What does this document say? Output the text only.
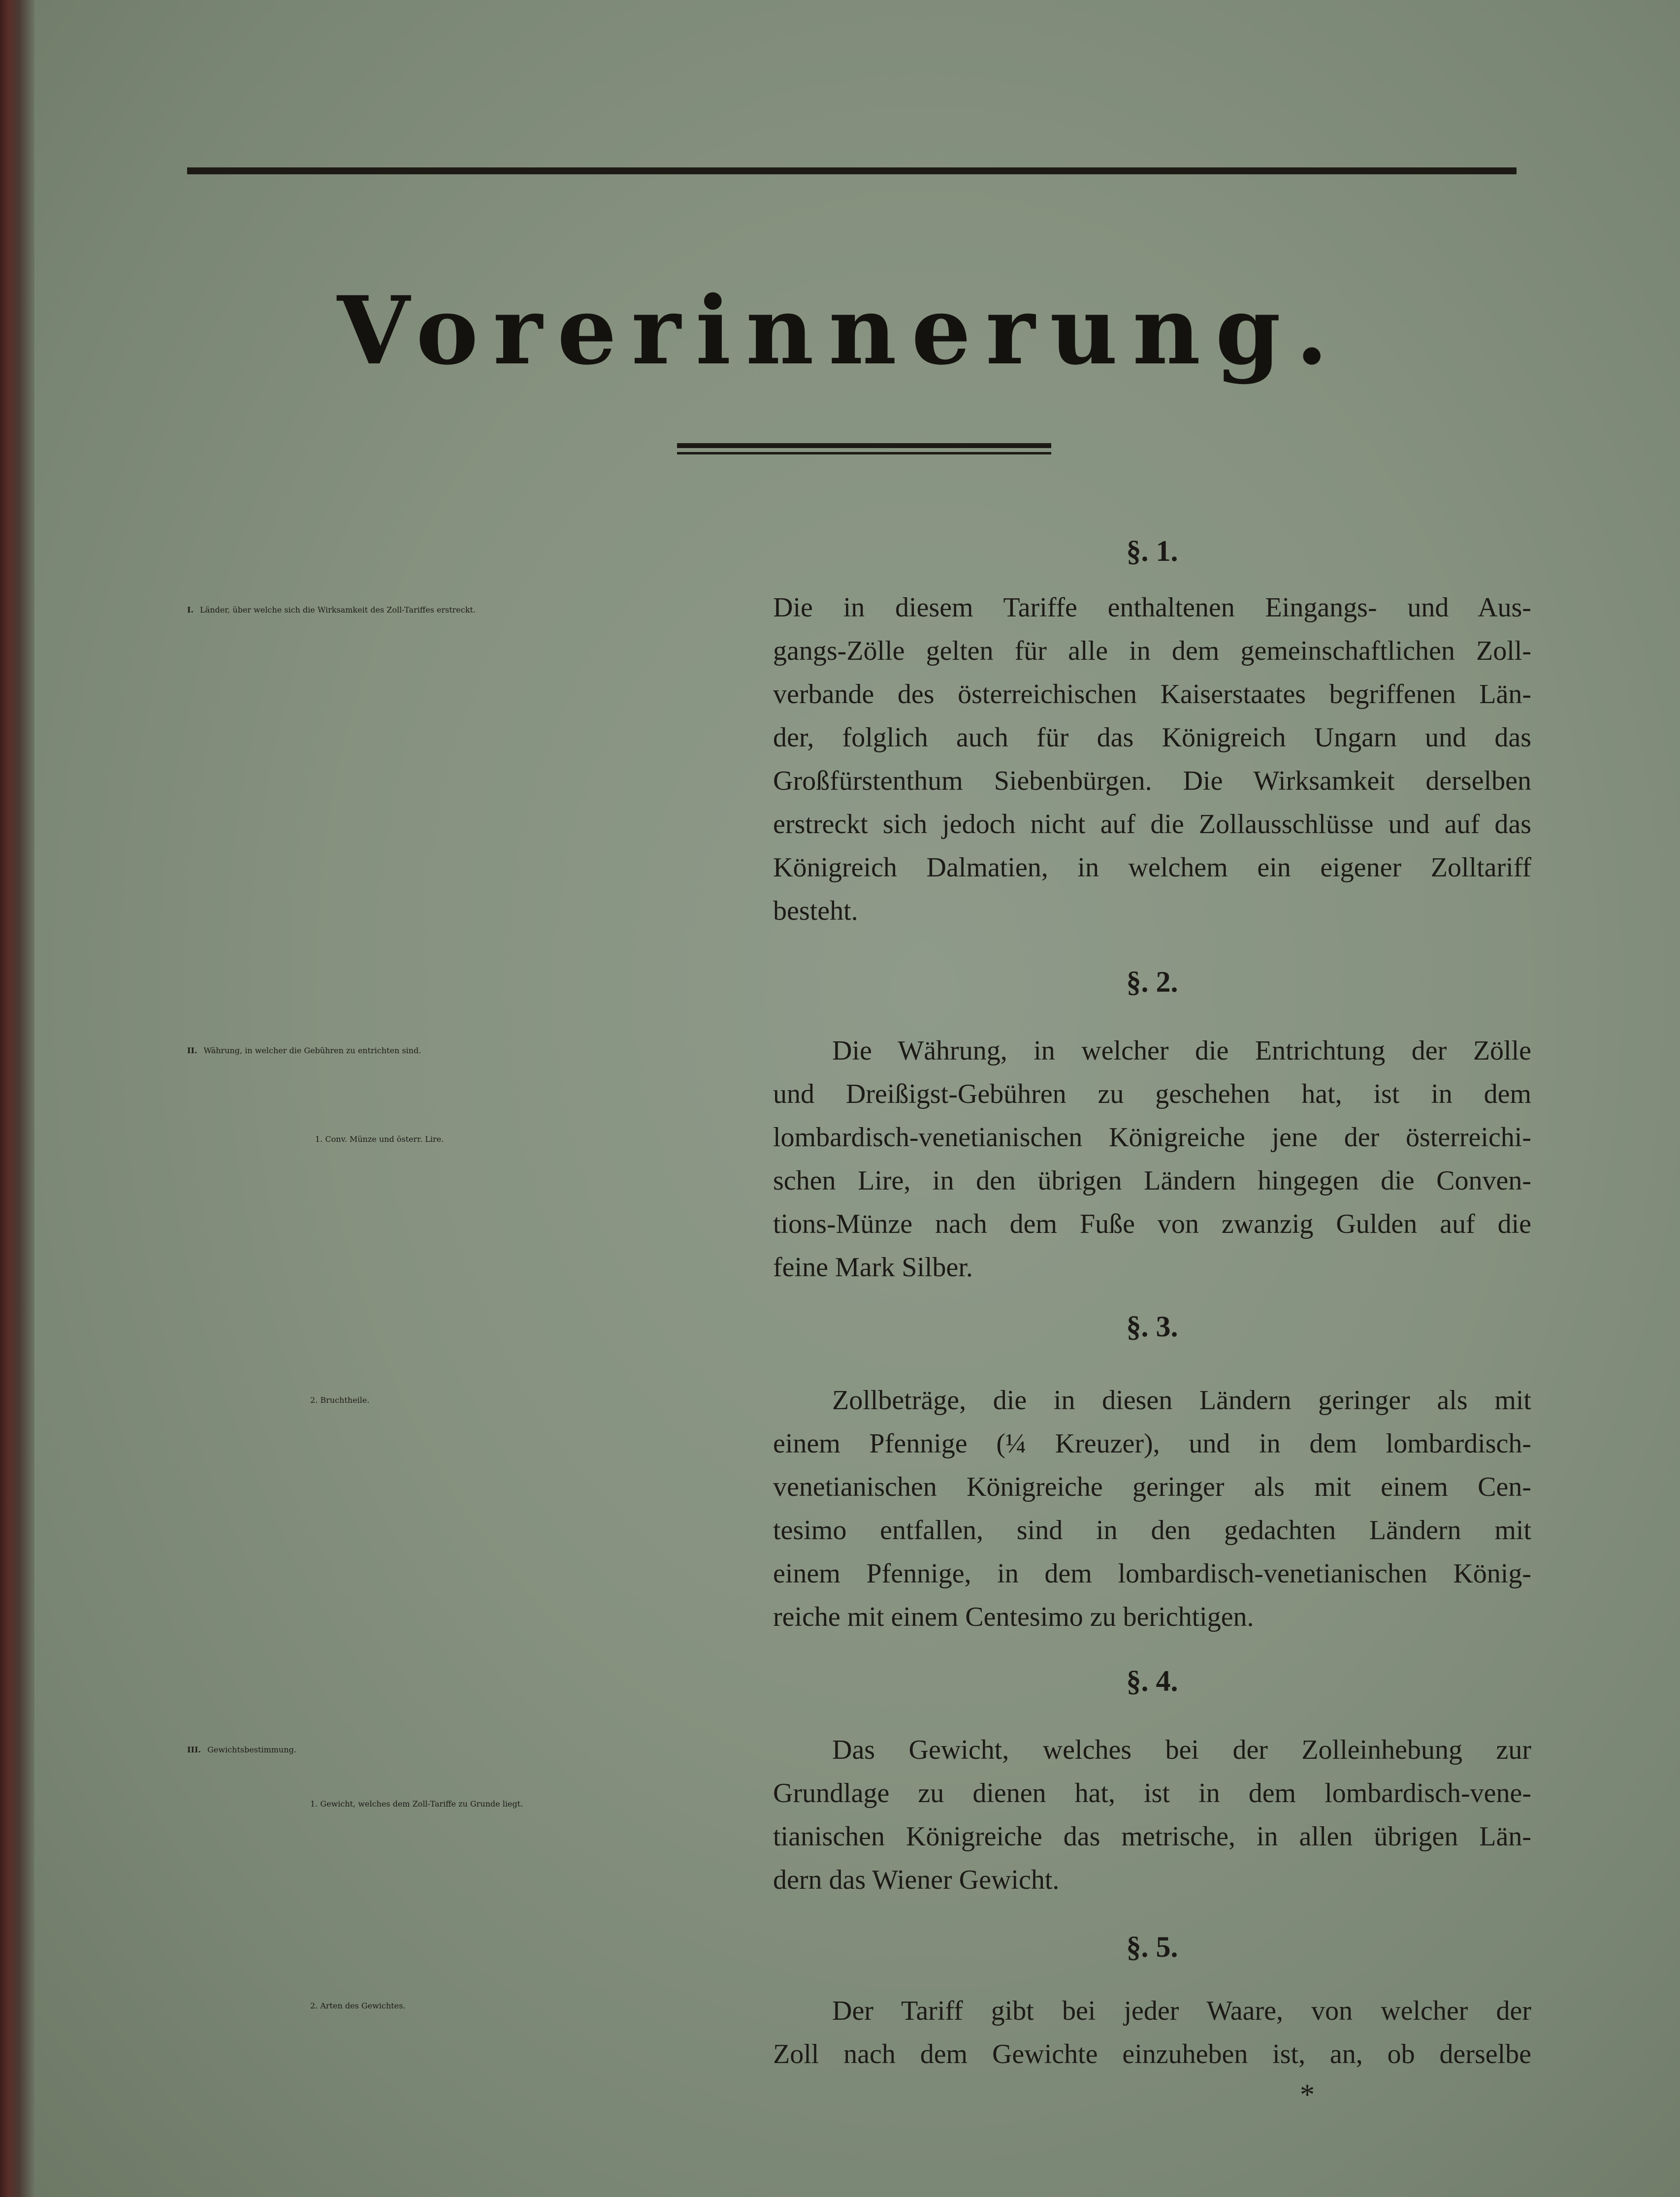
Vorerinnerung.
§. 1.
I. Länder, über welche sich die Wirksamkeit des Zoll-Tariffes erstreckt.	Die in diesem Tariffe enthaltenen Eingangs- und Aus-
gangs-Zölle gelten für alle in dem gemeinschaftlichen Zoll-
verbande des österreichischen Kaiserstaates begriffenen Län-
der, folglich auch für das Königreich Ungarn und das
Großfürstenthum Siebenbürgen. Die Wirksamkeit derselben
erstreckt sich jedoch nicht auf die Zollausschlüsse und auf das
Königreich Dalmatien, in welchem ein eigener Zolltariff
besteht.
§. 2.
II. Währung, in welcher die Gebühren zu entrichten sind.
1. Conv. Münze und österr. Lire.
Die Währung, in welcher die Entrichtung der Zölle
und Dreißigst-Gebühren zu geschehen hat, ist in dem
lombardisch-venetianischen Königreiche jene der österreichi-
schen Lire, in den übrigen Ländern hingegen die Conven-
tions-Münze nach dem Fuße von zwanzig Gulden auf die
feine Mark Silber.
§. 3.
2. Bruchtheile.	Zollbeträge, die in diesen Ländern geringer als mit
einem Pfennige (¼ Kreuzer), und in dem lombardisch-
venetianischen Königreiche geringer als mit einem Cen-
tesimo entfallen, sind in den gedachten Ländern mit
einem Pfennige, in dem lombardisch-venetianischen König-
reiche mit einem Centesimo zu berichtigen.
§. 4.
III. Gewichtsbestimmung.
1. Gewicht, welches dem Zoll-Tariffe zu Grunde liegt.
Das Gewicht, welches bei der Zolleinhebung zur
Grundlage zu dienen hat, ist in dem lombardisch-vene-
tianischen Königreiche das metrische, in allen übrigen Län-
dern das Wiener Gewicht.
§. 5.
2. Arten des Gewichtes.	Der Tariff gibt bei jeder Waare, von welcher der
Zoll nach dem Gewichte einzuheben ist, an, ob derselbe
*
